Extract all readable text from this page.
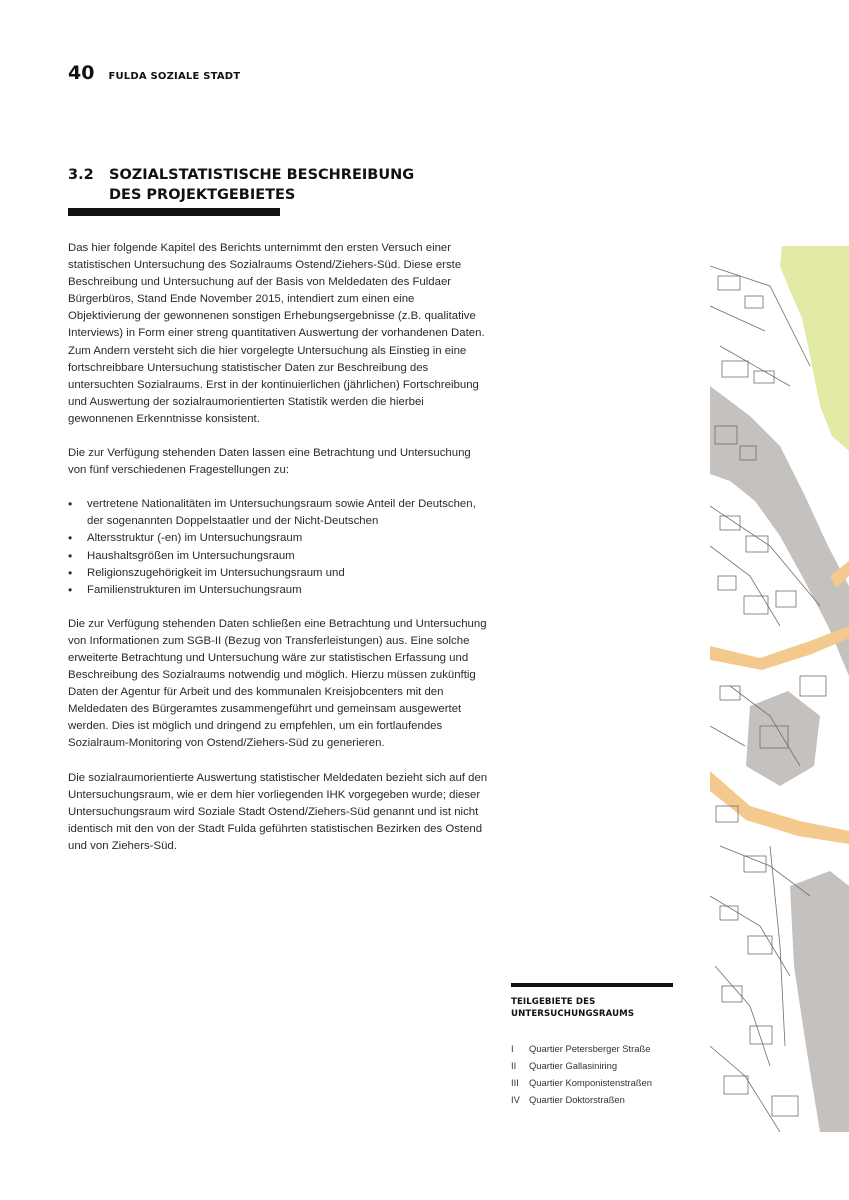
40 FULDA SOZIALE STADT
3.2 SOZIALSTATISTISCHE BESCHREIBUNG DES PROJEKTGEBIETES

Das hier folgende Kapitel des Berichts unternimmt den ersten Versuch einer statistischen Untersuchung des Sozialraums Ostend/Ziehers-Süd. Diese erste Beschreibung und Untersuchung auf der Basis von Meldedaten des Fuldaer Bürgerbüros, Stand Ende November 2015, intendiert zum einen eine Objektivierung der gewonnenen sonstigen Erhebungsergebnisse (z.B. qualitative Interviews) in Form einer streng quantitativen Auswertung der vorhandenen Daten. Zum Andern versteht sich die hier vorgelegte Untersuchung als Einstieg in eine fortschreibbare Untersuchung statistischer Daten zur Beschreibung des untersuchten Sozialraums. Erst in der kontinuierlichen (jährlichen) Fortschreibung und Auswertung der sozialraumorientierten Statistik werden die hierbei gewonnenen Erkenntnisse konsistent.

Die zur Verfügung stehenden Daten lassen eine Betrachtung und Untersuchung von fünf verschiedenen Fragestellungen zu:

• vertretene Nationalitäten im Untersuchungsraum sowie Anteil der Deutschen, der sogenannten Doppelstaatler und der Nicht-Deutschen
• Altersstruktur (-en) im Untersuchungsraum
• Haushaltsgrößen im Untersuchungsraum
• Religionszugehörigkeit im Untersuchungsraum und
• Familienstrukturen im Untersuchungsraum

Die zur Verfügung stehenden Daten schließen eine Betrachtung und Untersuchung von Informationen zum SGB-II (Bezug von Transferleistungen) aus. Eine solche erweiterte Betrachtung und Untersuchung wäre zur statistischen Erfassung und Beschreibung des Sozialraums notwendig und möglich. Hierzu müssen zukünftig Daten der Agentur für Arbeit und des kommunalen Kreisjobcenters mit den Meldedaten des Bürgeramtes zusammengeführt und gemeinsam ausgewertet werden. Dies ist möglich und dringend zu empfehlen, um ein fortlaufendes Sozialraum-Monitoring von Ostend/Ziehers-Süd zu generieren.

Die sozialraumorientierte Auswertung statistischer Meldedaten bezieht sich auf den Untersuchungsraum, wie er dem hier vorliegenden IHK vorgegeben wurde; dieser Untersuchungsraum wird Soziale Stadt Ostend/Ziehers-Süd genannt und ist nicht identisch mit den von der Stadt Fulda geführten statistischen Bezirken des Ostend und von Ziehers-Süd.

TEILGEBIETE DES
UNTERSUCHUNGSRAUMS
I	Quartier Petersberger Straße
II	Quartier Gallasiniring
III	Quartier Komponistenstraßen
IV Quartier Doktorstraßen
